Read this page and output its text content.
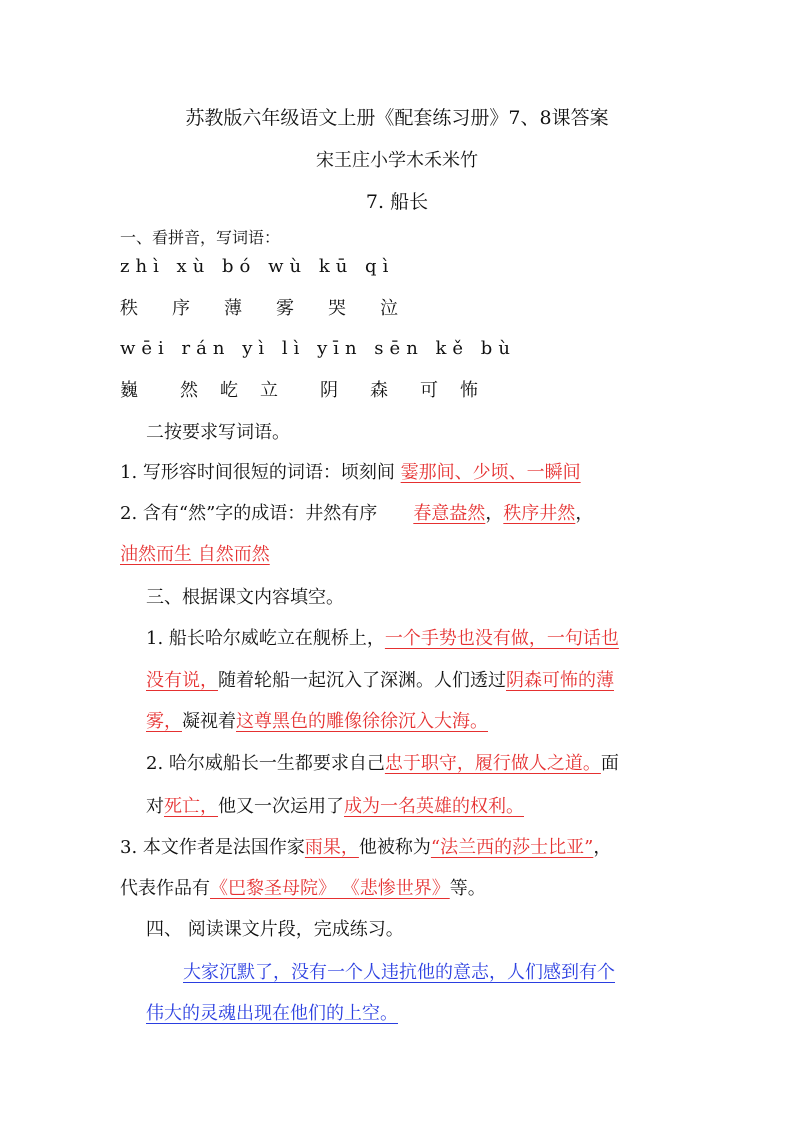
苏教版六年级语文上册《配套练习册》7、8课答案
宋王庄小学木禾米竹
7. 船长
一、看拼音，写词语：
zhì xù bó wù kū qì
秩 序 薄 雾 哭 泣
wēi rán yì lì yīn sēn kě bù
巍 然 屹 立 阴 森 可 怖
二按要求写词语。
1. 写形容时间很短的词语：顷刻间 霎那间、少顷、一瞬间
2. 含有“然”字的成语：井然有序 春意盎然，秩序井然，
油然而生 自然而然
三、根据课文内容填空。
1. 船长哈尔威屹立在舰桥上，一个手势也没有做，一句话也
没有说，随着轮船一起沉入了深渊。人们透过阴森可怖的薄
雾，凝视着这尊黑色的雕像徐徐沉入大海。
2. 哈尔威船长一生都要求自己忠于职守，履行做人之道。面
对死亡，他又一次运用了成为一名英雄的权利。
3. 本文作者是法国作家雨果，他被称为“法兰西的莎士比亚”，
代表作品有《巴黎圣母院》 《悲惨世界》等。
四、 阅读课文片段，完成练习。
大家沉默了，没有一个人违抗他的意志，人们感到有个
伟大的灵魂出现在他们的上空。
